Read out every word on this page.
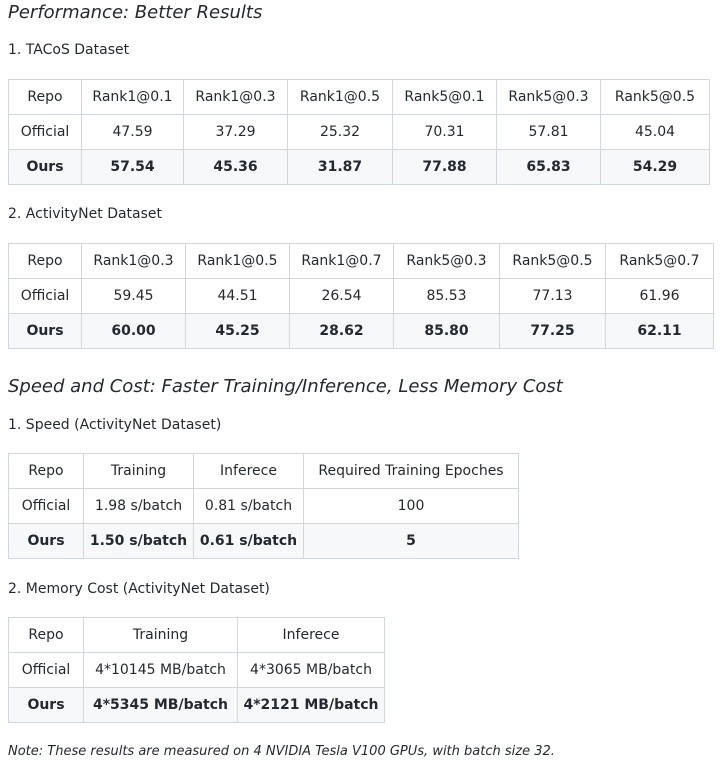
Performance: Better Results
1. TACoS Dataset
Repo	Rank1@0.1	Rank1@0.3	Rank1@0.5	Rank5@0.1	Rank5@0.3	Rank5@0.5
Official	47.59	37.29	25.32	70.31	57.81	45.04
Ours	57.54	45.36	31.87	77.88	65.83	54.29
2. ActivityNet Dataset
Repo	Rank1@0.3	Rank1@0.5	Rank1@0.7	Rank5@0.3	Rank5@0.5	Rank5@0.7
Official	59.45	44.51	26.54	85.53	77.13	61.96
Ours	60.00	45.25	28.62	85.80	77.25	62.11
Speed and Cost: Faster Training/Inference, Less Memory Cost
1. Speed (ActivityNet Dataset)
Repo	Training	Inferece	Required Training Epoches
Official	1.98 s/batch	0.81 s/batch	100
Ours	1.50 s/batch	0.61 s/batch	5
2. Memory Cost (ActivityNet Dataset)
Repo	Training	Inferece
Official	4*10145 MB/batch	4*3065 MB/batch
Ours	4*5345 MB/batch	4*2121 MB/batch

Note: These results are measured on 4 NVIDIA Tesla V100 GPUs, with batch size 32.
